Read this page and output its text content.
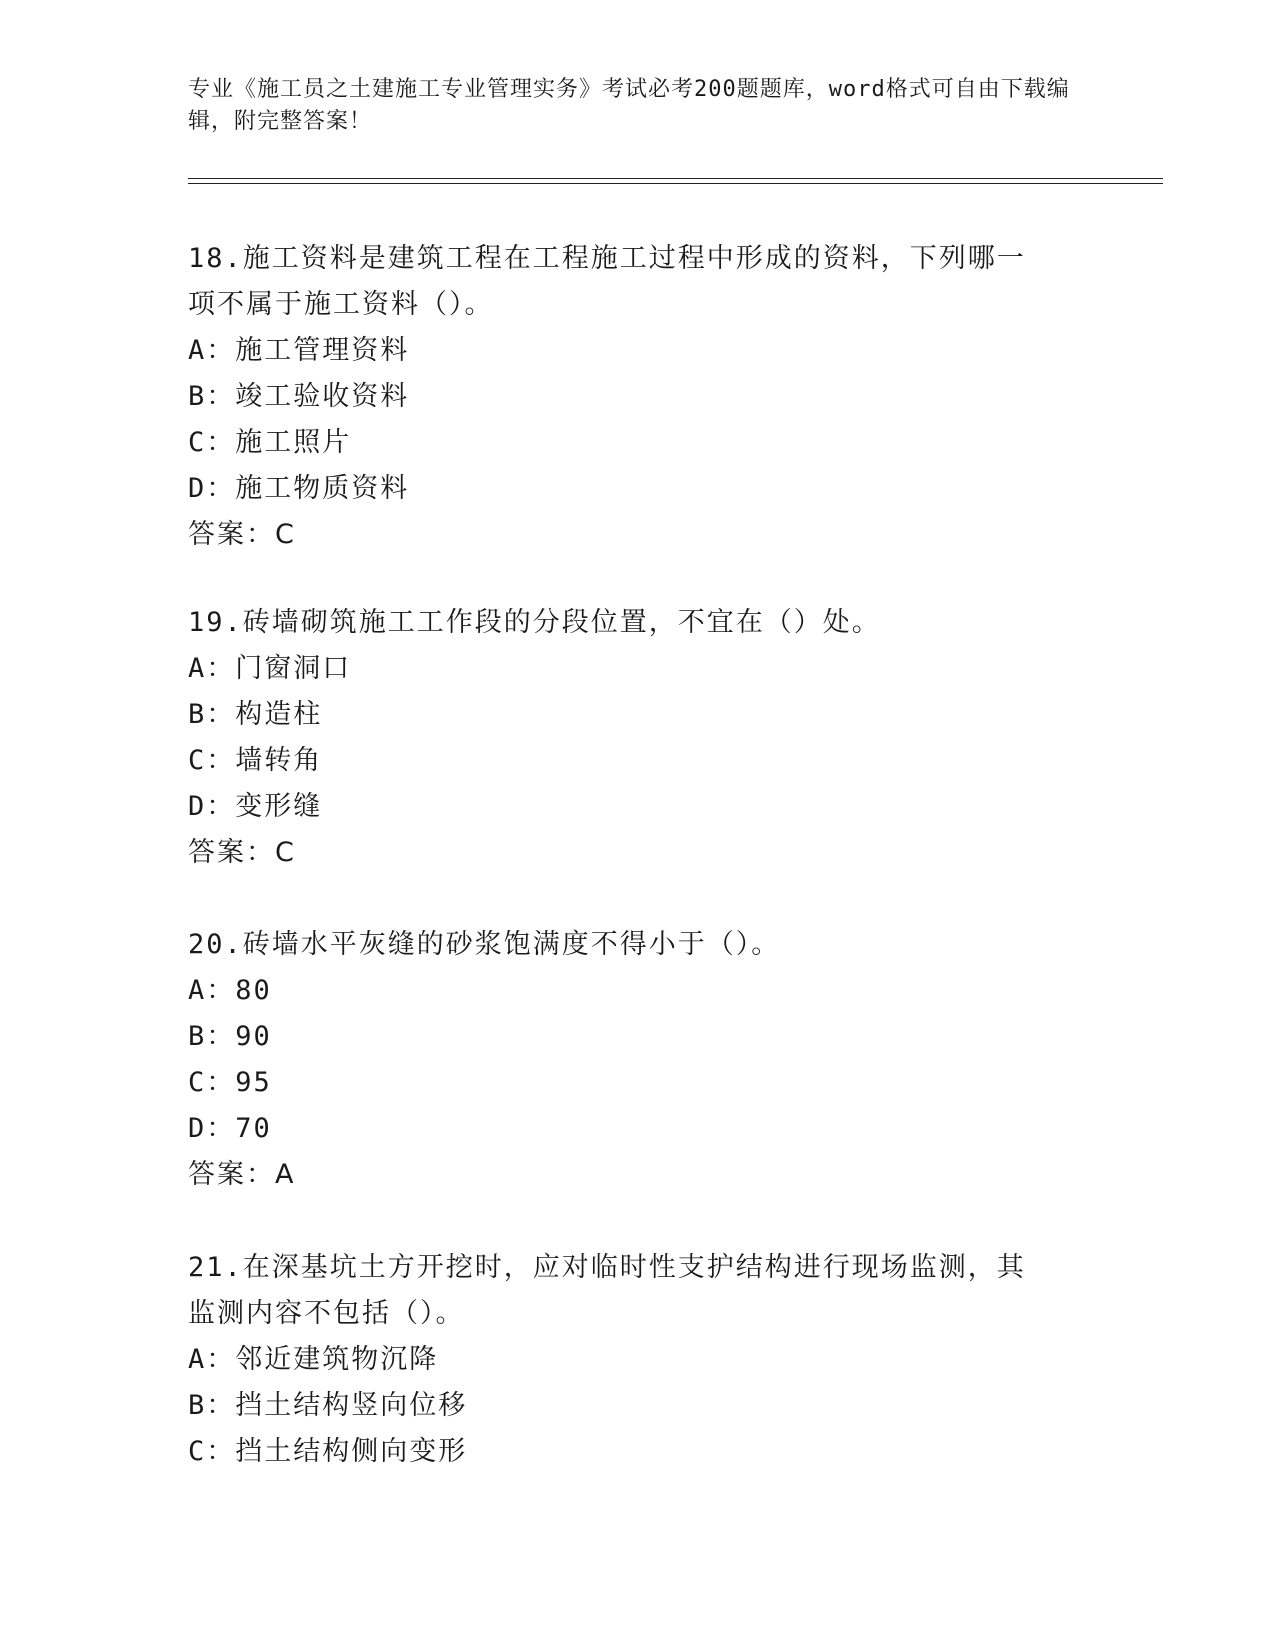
专业《施工员之土建施工专业管理实务》考试必考200题题库，word格式可自由下载编辑，附完整答案！

18.施工资料是建筑工程在工程施工过程中形成的资料，下列哪一项不属于施工资料（）。

A：施工管理资料

B：竣工验收资料

C：施工照片

D：施工物质资料

答案：C

19.砖墙砌筑施工工作段的分段位置，不宜在（）处。

A：门窗洞口

B：构造柱

C：墙转角

D：变形缝

答案：C

20.砖墙水平灰缝的砂浆饱满度不得小于（）。

A：80

B：90

C：95

D：70

答案：A

21.在深基坑土方开挖时，应对临时性支护结构进行现场监测，其监测内容不包括（）。

A：邻近建筑物沉降

B：挡土结构竖向位移

C：挡土结构侧向变形
